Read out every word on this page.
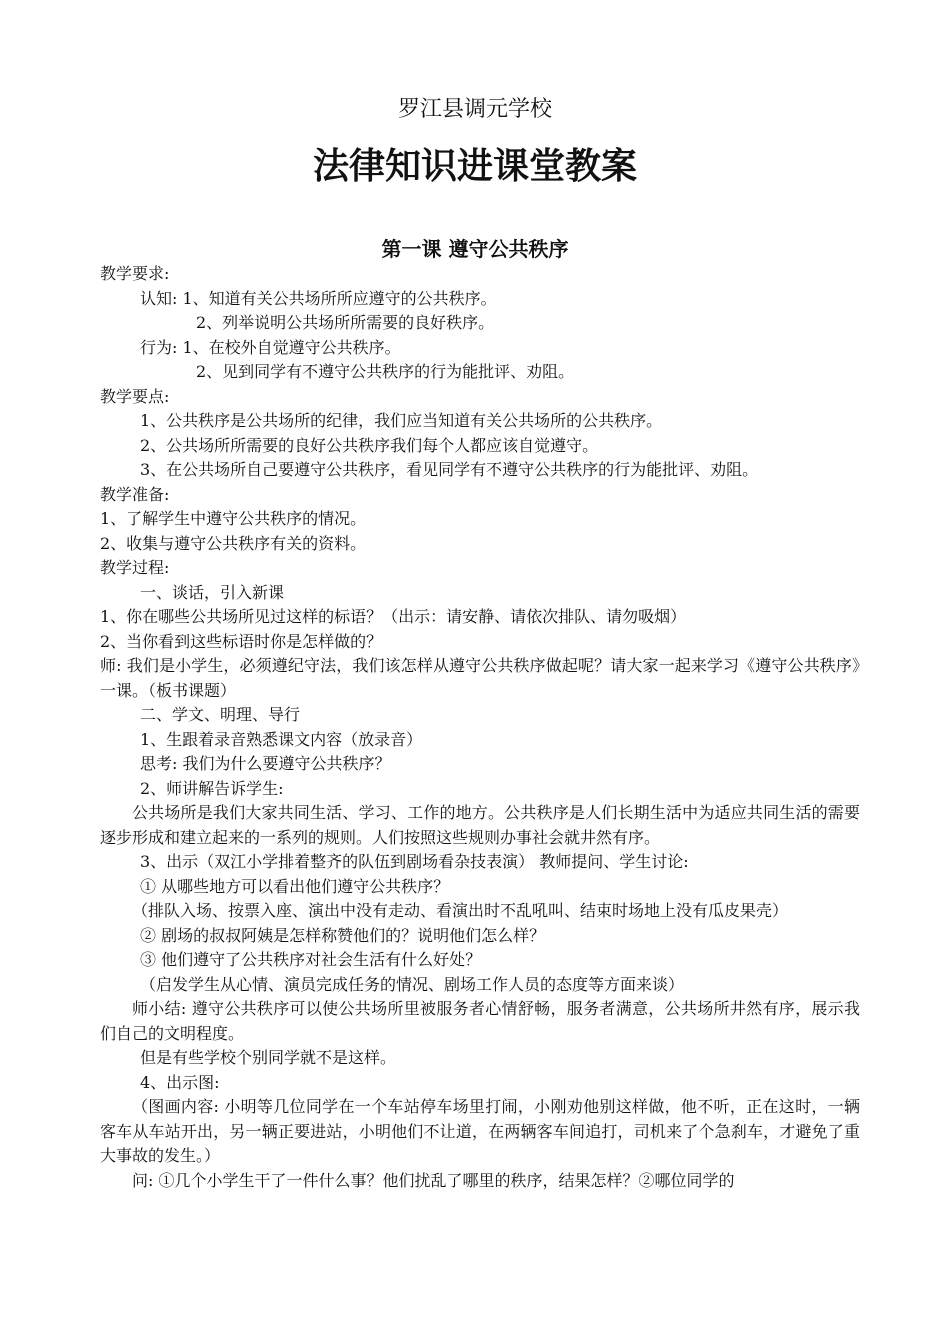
罗江县调元学校
法律知识进课堂教案
第一课 遵守公共秩序
教学要求:
认知: 1、知道有关公共场所所应遵守的公共秩序。
2、列举说明公共场所所需要的良好秩序。
行为: 1、在校外自觉遵守公共秩序。
2、见到同学有不遵守公共秩序的行为能批评、劝阻。
教学要点:
1、公共秩序是公共场所的纪律，我们应当知道有关公共场所的公共秩序。
2、公共场所所需要的良好公共秩序我们每个人都应该自觉遵守。
3、在公共场所自己要遵守公共秩序，看见同学有不遵守公共秩序的行为能批评、劝阻。
教学准备:
1、了解学生中遵守公共秩序的情况。
2、收集与遵守公共秩序有关的资料。
教学过程:
一、谈话，引入新课
1、你在哪些公共场所见过这样的标语？（出示：请安静、请依次排队、请勿吸烟）
2、当你看到这些标语时你是怎样做的？
师: 我们是小学生，必须遵纪守法，我们该怎样从遵守公共秩序做起呢？请大家一起来学习《遵守公共秩序》一课。（板书课题）
二、学文、明理、导行
1、生跟着录音熟悉课文内容（放录音）
思考: 我们为什么要遵守公共秩序？
2、师讲解告诉学生:
公共场所是我们大家共同生活、学习、工作的地方。公共秩序是人们长期生活中为适应共同生活的需要逐步形成和建立起来的一系列的规则。人们按照这些规则办事社会就井然有序。
3、出示（双江小学排着整齐的队伍到剧场看杂技表演） 教师提问、学生讨论:
① 从哪些地方可以看出他们遵守公共秩序？
（排队入场、按票入座、演出中没有走动、看演出时不乱吼叫、结束时场地上没有瓜皮果壳）
② 剧场的叔叔阿姨是怎样称赞他们的？说明他们怎么样？
③ 他们遵守了公共秩序对社会生活有什么好处？
（启发学生从心情、演员完成任务的情况、剧场工作人员的态度等方面来谈）
师小结: 遵守公共秩序可以使公共场所里被服务者心情舒畅，服务者满意，公共场所井然有序，展示我们自己的文明程度。
但是有些学校个别同学就不是这样。
4、出示图:
（图画内容: 小明等几位同学在一个车站停车场里打闹，小刚劝他别这样做，他不听，正在这时，一辆客车从车站开出，另一辆正要进站，小明他们不让道，在两辆客车间追打，司机来了个急刹车，才避免了重大事故的发生。）
问: ①几个小学生干了一件什么事？他们扰乱了哪里的秩序，结果怎样？②哪位同学的
